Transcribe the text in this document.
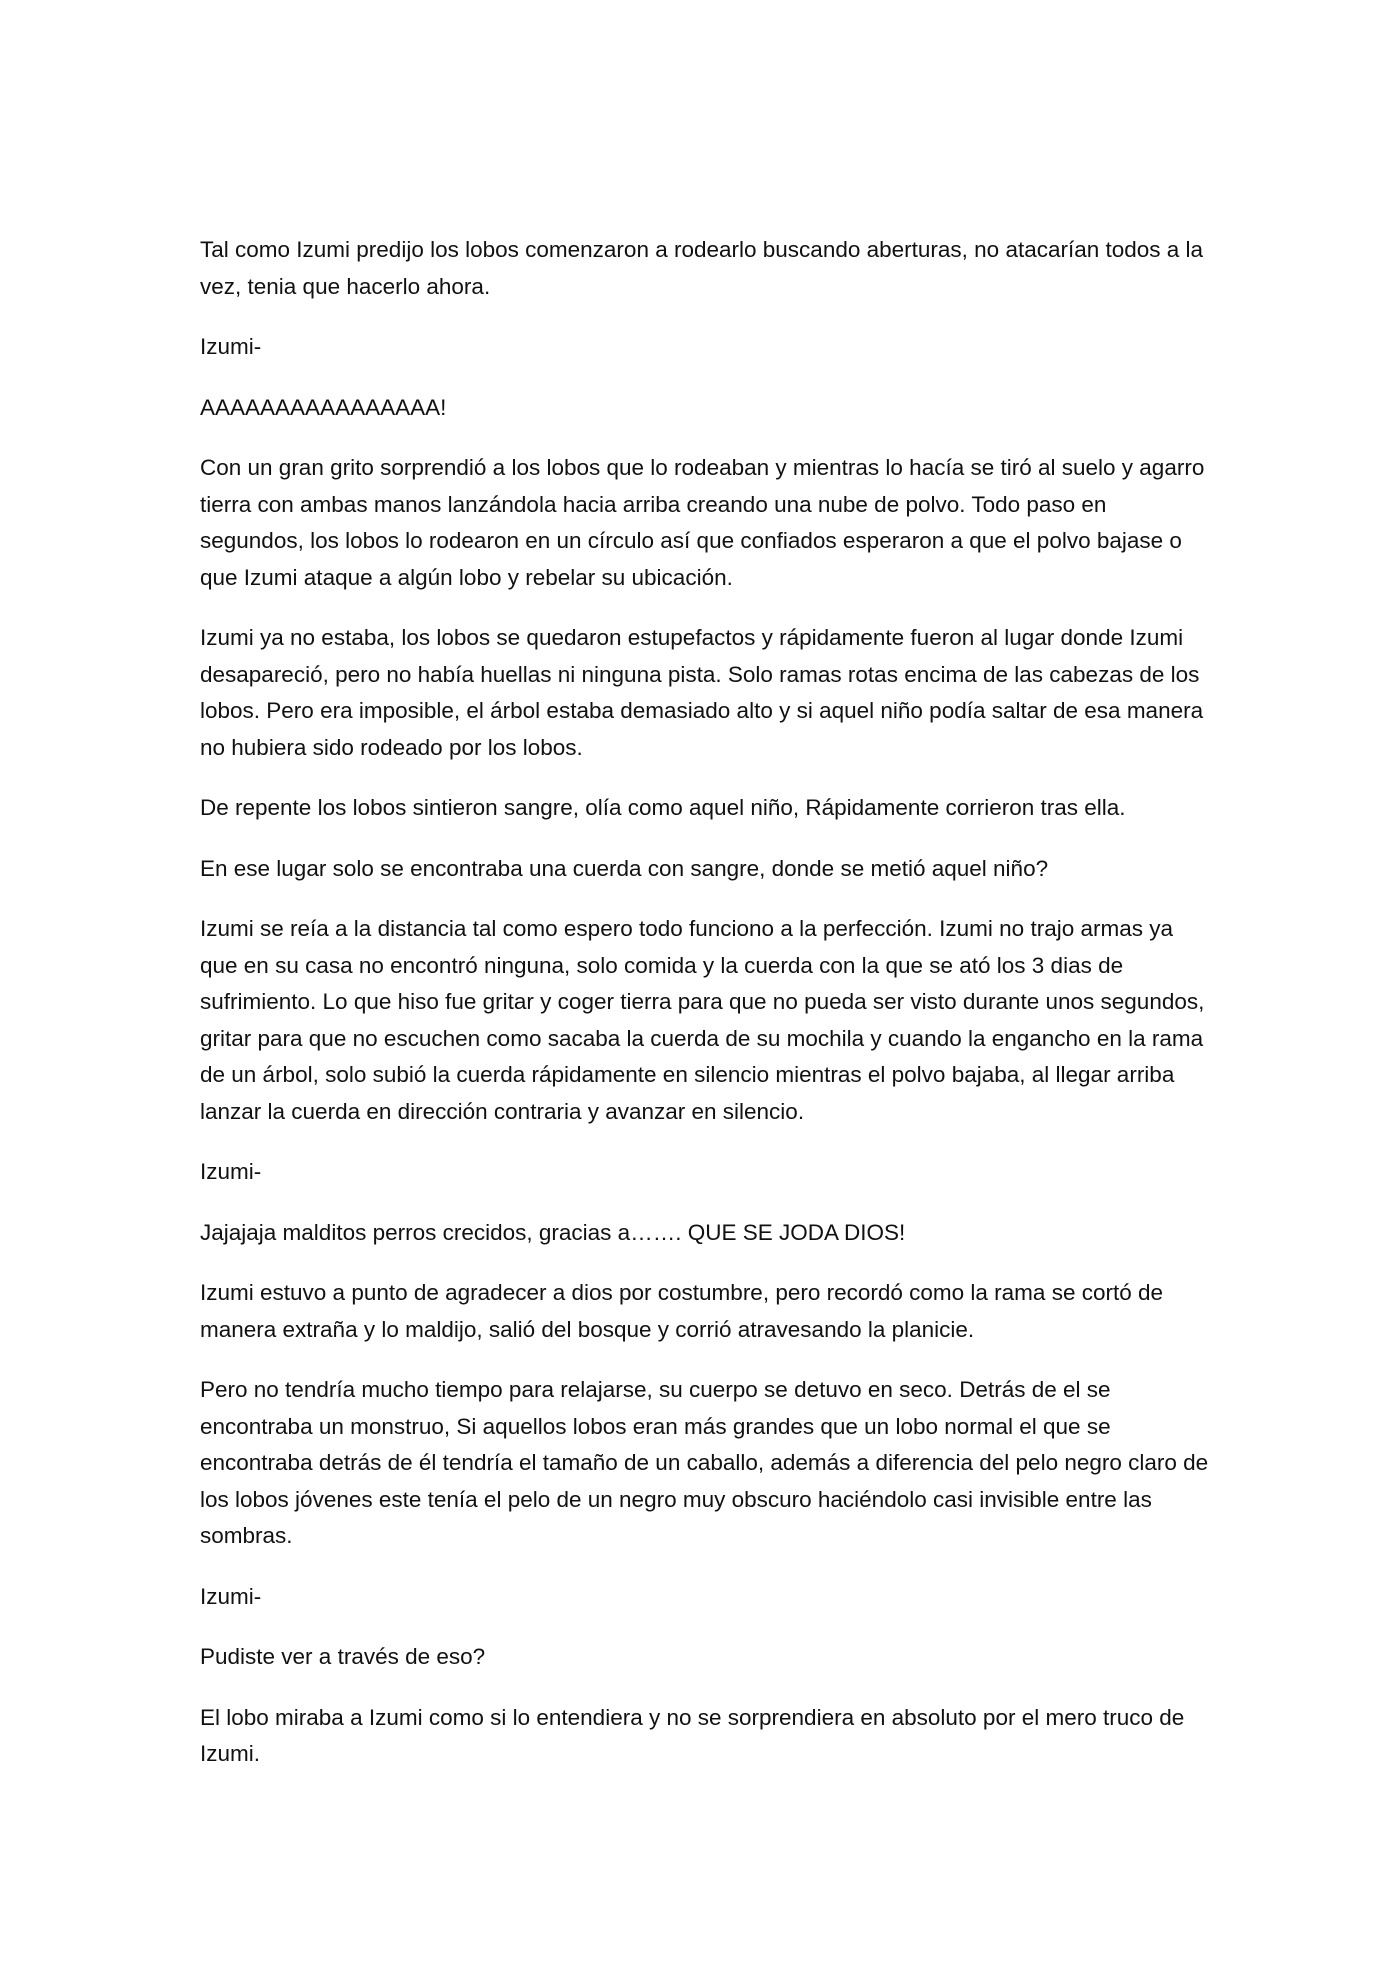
Tal como Izumi predijo los lobos comenzaron a rodearlo buscando aberturas, no atacarían todos a la vez, tenia que hacerlo ahora.

Izumi-

AAAAAAAAAAAAAAAA!

Con un gran grito sorprendió a los lobos que lo rodeaban y mientras lo hacía se tiró al suelo y agarro tierra con ambas manos lanzándola hacia arriba creando una nube de polvo. Todo paso en segundos, los lobos lo rodearon en un círculo así que confiados esperaron a que el polvo bajase o que Izumi ataque a algún lobo y rebelar su ubicación.

Izumi ya no estaba, los lobos se quedaron estupefactos y rápidamente fueron al lugar donde Izumi desapareció, pero no había huellas ni ninguna pista. Solo ramas rotas encima de las cabezas de los lobos. Pero era imposible, el árbol estaba demasiado alto y si aquel niño podía saltar de esa manera no hubiera sido rodeado por los lobos.

De repente los lobos sintieron sangre, olía como aquel niño, Rápidamente corrieron tras ella.

En ese lugar solo se encontraba una cuerda con sangre, donde se metió aquel niño?

Izumi se reía a la distancia tal como espero todo funciono a la perfección. Izumi no trajo armas ya que en su casa no encontró ninguna, solo comida y la cuerda con la que se ató los 3 dias de sufrimiento. Lo que hiso fue gritar y coger tierra para que no pueda ser visto durante unos segundos, gritar para que no escuchen como sacaba la cuerda de su mochila y cuando la engancho en la rama de un árbol, solo subió la cuerda rápidamente en silencio mientras el polvo bajaba, al llegar arriba lanzar la cuerda en dirección contraria y avanzar en silencio.

Izumi-

Jajajaja malditos perros crecidos, gracias a……. QUE SE JODA DIOS!

Izumi estuvo a punto de agradecer a dios por costumbre, pero recordó como la rama se cortó de manera extraña y lo maldijo, salió del bosque y corrió atravesando la planicie.

Pero no tendría mucho tiempo para relajarse, su cuerpo se detuvo en seco. Detrás de el se encontraba un monstruo, Si aquellos lobos eran más grandes que un lobo normal el que se encontraba detrás de él tendría el tamaño de un caballo, además a diferencia del pelo negro claro de los lobos jóvenes este tenía el pelo de un negro muy obscuro haciéndolo casi invisible entre las sombras.

Izumi-

Pudiste ver a través de eso?

El lobo miraba a Izumi como si lo entendiera y no se sorprendiera en absoluto por el mero truco de Izumi.
